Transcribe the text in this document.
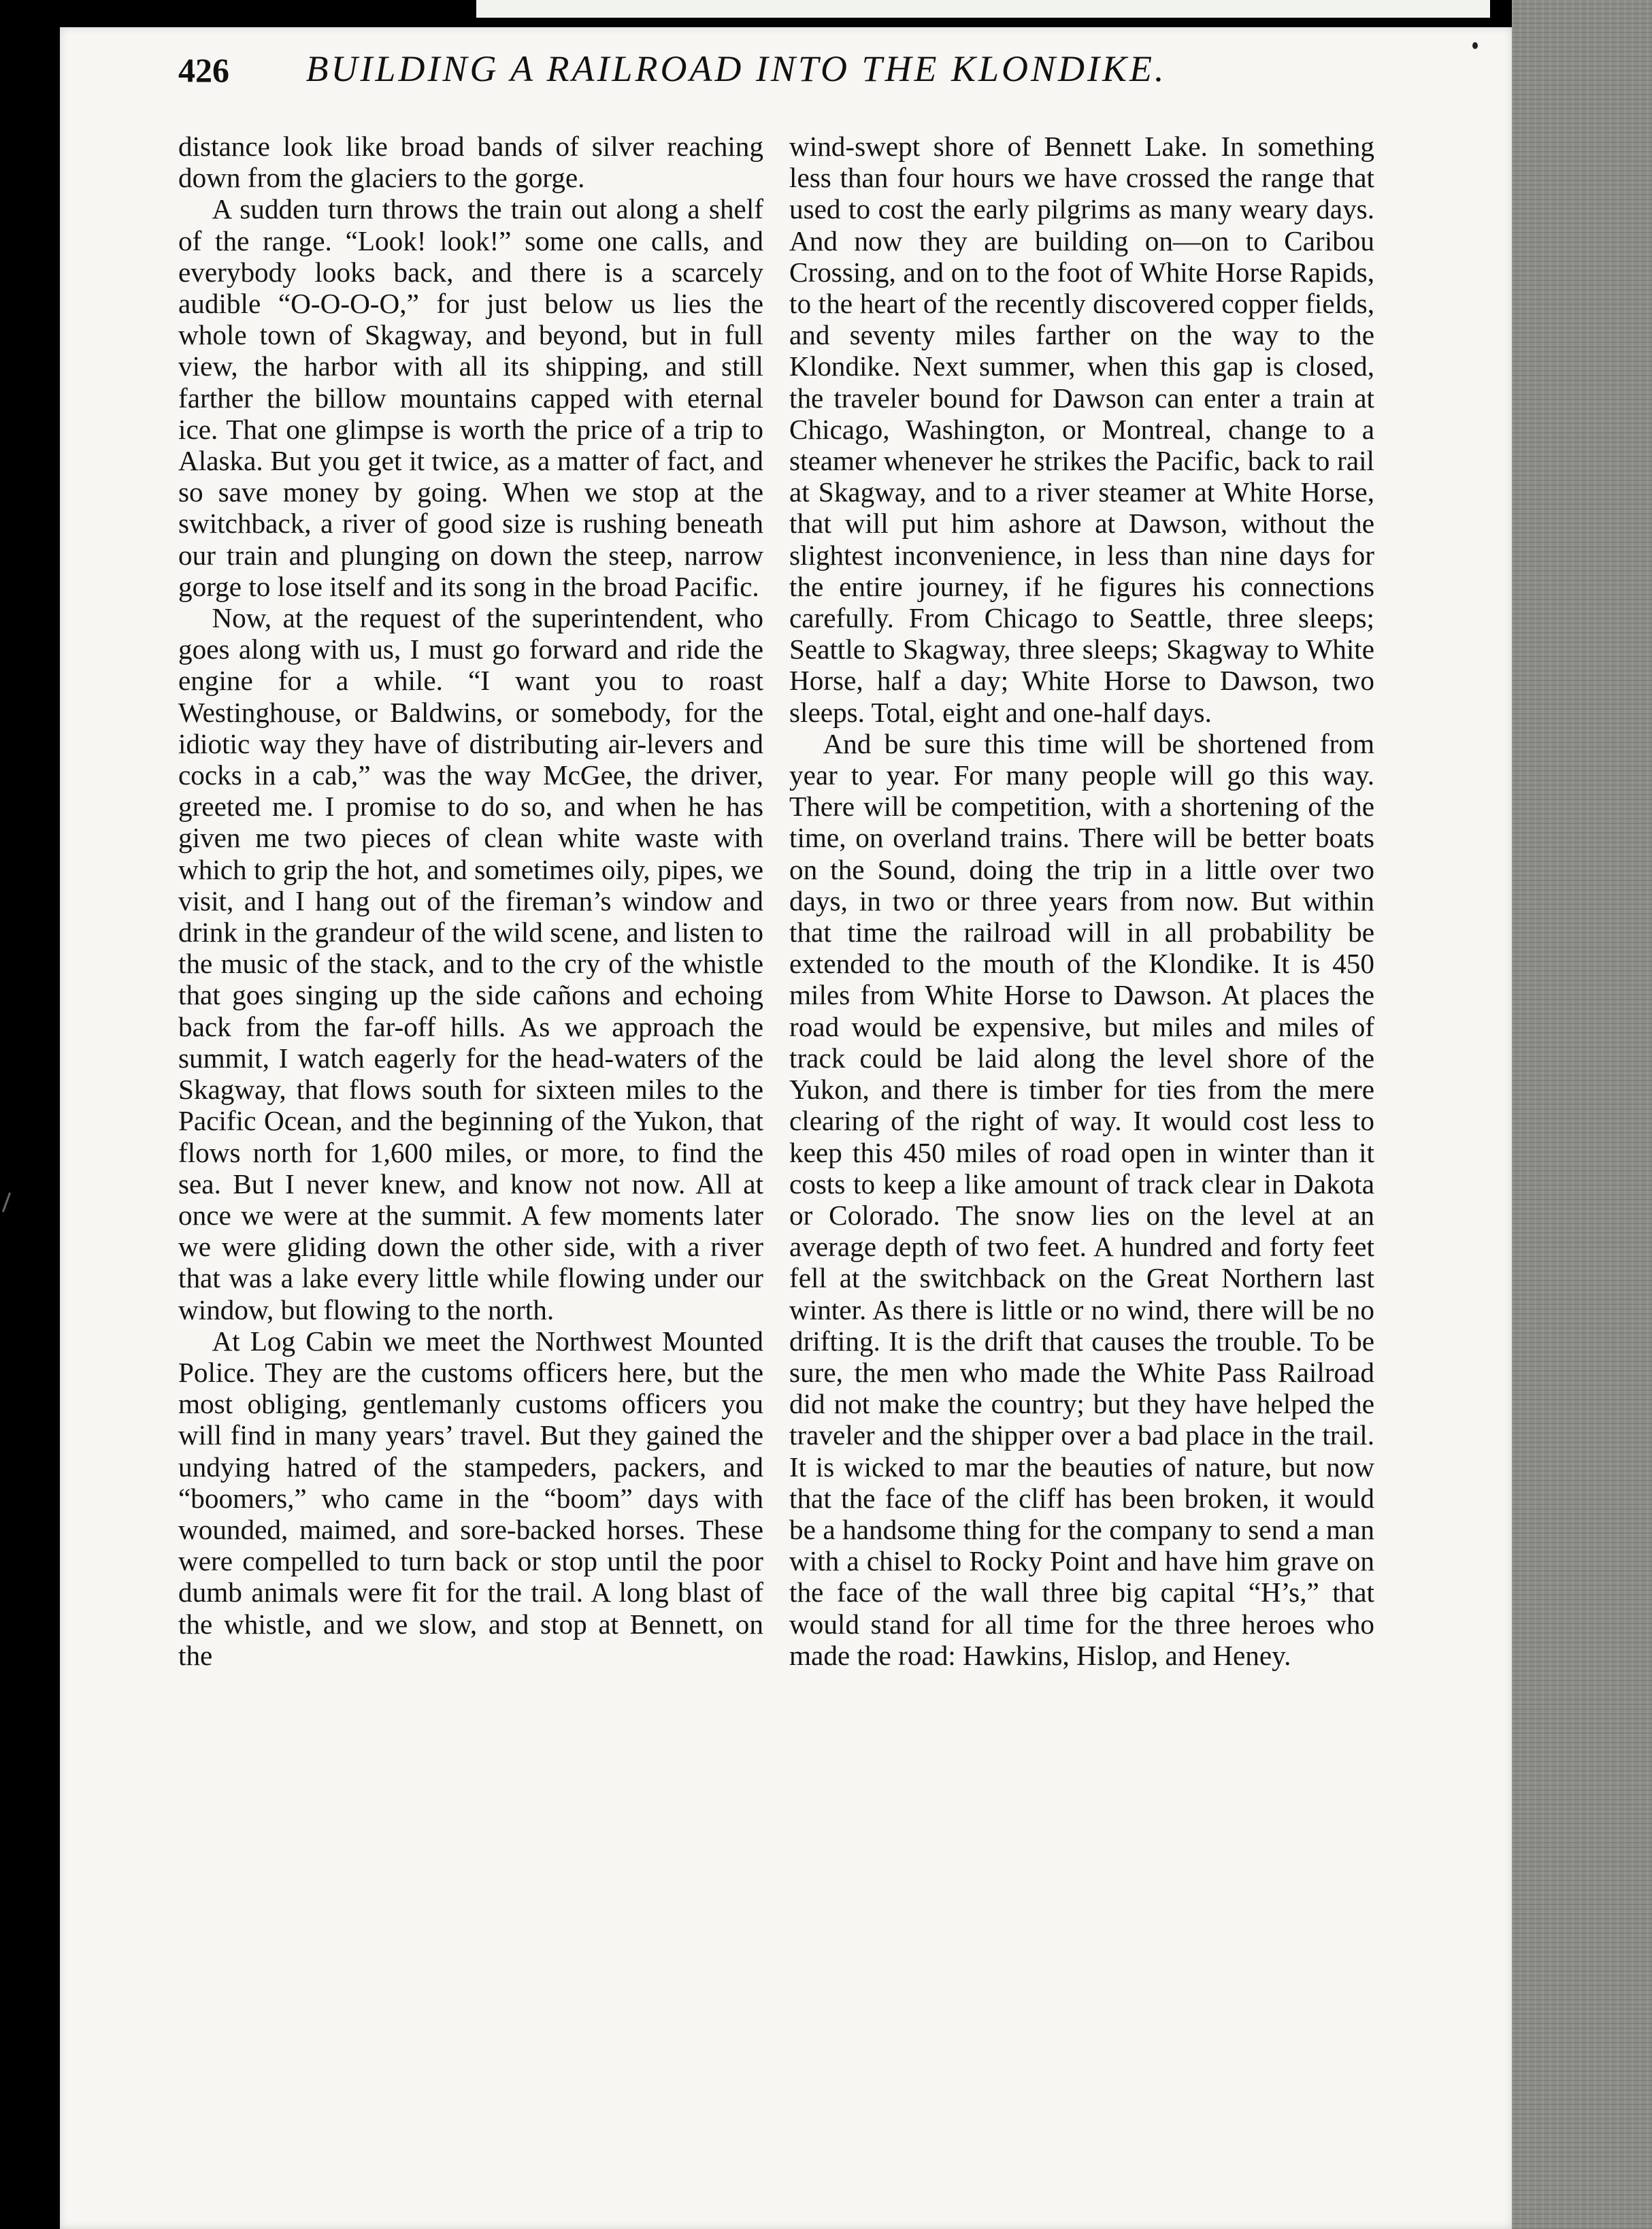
426	BUILDING A RAILROAD INTO THE KLONDIKE.

distance look like broad bands of silver reaching down from the glaciers to the gorge.

A sudden turn throws the train out along a shelf of the range. “Look! look!” some one calls, and everybody looks back, and there is a scarcely audible “O-O-O-O,” for just below us lies the whole town of Skagway, and beyond, but in full view, the harbor with all its shipping, and still farther the billow mountains capped with eternal ice. That one glimpse is worth the price of a trip to Alaska. But you get it twice, as a matter of fact, and so save money by going. When we stop at the switchback, a river of good size is rushing beneath our train and plunging on down the steep, narrow gorge to lose itself and its song in the broad Pacific.

Now, at the request of the superintendent, who goes along with us, I must go forward and ride the engine for a while. “I want you to roast Westinghouse, or Baldwins, or somebody, for the idiotic way they have of distributing air-levers and cocks in a cab,” was the way McGee, the driver, greeted me. I promise to do so, and when he has given me two pieces of clean white waste with which to grip the hot, and sometimes oily, pipes, we visit, and I hang out of the fireman’s window and drink in the grandeur of the wild scene, and listen to the music of the stack, and to the cry of the whistle that goes singing up the side cañons and echoing back from the far-off hills. As we approach the summit, I watch eagerly for the head-waters of the Skagway, that flows south for sixteen miles to the Pacific Ocean, and the beginning of the Yukon, that flows north for 1,600 miles, or more, to find the sea. But I never knew, and know not now. All at once we were at the summit. A few moments later we were gliding down the other side, with a river that was a lake every little while flowing under our window, but flowing to the north.

At Log Cabin we meet the Northwest Mounted Police. They are the customs officers here, but the most obliging, gentlemanly customs officers you will find in many years’ travel. But they gained the undying hatred of the stampeders, packers, and “boomers,” who came in the “boom” days with wounded, maimed, and sore-backed horses. These were compelled to turn back or stop until the poor dumb animals were fit for the trail. A long blast of the whistle, and we slow, and stop at Bennett, on the

wind-swept shore of Bennett Lake. In something less than four hours we have crossed the range that used to cost the early pilgrims as many weary days. And now they are building on—on to Caribou Crossing, and on to the foot of White Horse Rapids, to the heart of the recently discovered copper fields, and seventy miles farther on the way to the Klondike. Next summer, when this gap is closed, the traveler bound for Dawson can enter a train at Chicago, Washington, or Montreal, change to a steamer whenever he strikes the Pacific, back to rail at Skagway, and to a river steamer at White Horse, that will put him ashore at Dawson, without the slightest inconvenience, in less than nine days for the entire journey, if he figures his connections carefully. From Chicago to Seattle, three sleeps; Seattle to Skagway, three sleeps; Skagway to White Horse, half a day; White Horse to Dawson, two sleeps. Total, eight and one-half days.

And be sure this time will be shortened from year to year. For many people will go this way. There will be competition, with a shortening of the time, on overland trains. There will be better boats on the Sound, doing the trip in a little over two days, in two or three years from now. But within that time the railroad will in all probability be extended to the mouth of the Klondike. It is 450 miles from White Horse to Dawson. At places the road would be expensive, but miles and miles of track could be laid along the level shore of the Yukon, and there is timber for ties from the mere clearing of the right of way. It would cost less to keep this 450 miles of road open in winter than it costs to keep a like amount of track clear in Dakota or Colorado. The snow lies on the level at an average depth of two feet. A hundred and forty feet fell at the switchback on the Great Northern last winter. As there is little or no wind, there will be no drifting. It is the drift that causes the trouble. To be sure, the men who made the White Pass Railroad did not make the country; but they have helped the traveler and the shipper over a bad place in the trail. It is wicked to mar the beauties of nature, but now that the face of the cliff has been broken, it would be a handsome thing for the company to send a man with a chisel to Rocky Point and have him grave on the face of the wall three big capital “H’s,” that would stand for all time for the three heroes who made the road: Hawkins, Hislop, and Heney.
